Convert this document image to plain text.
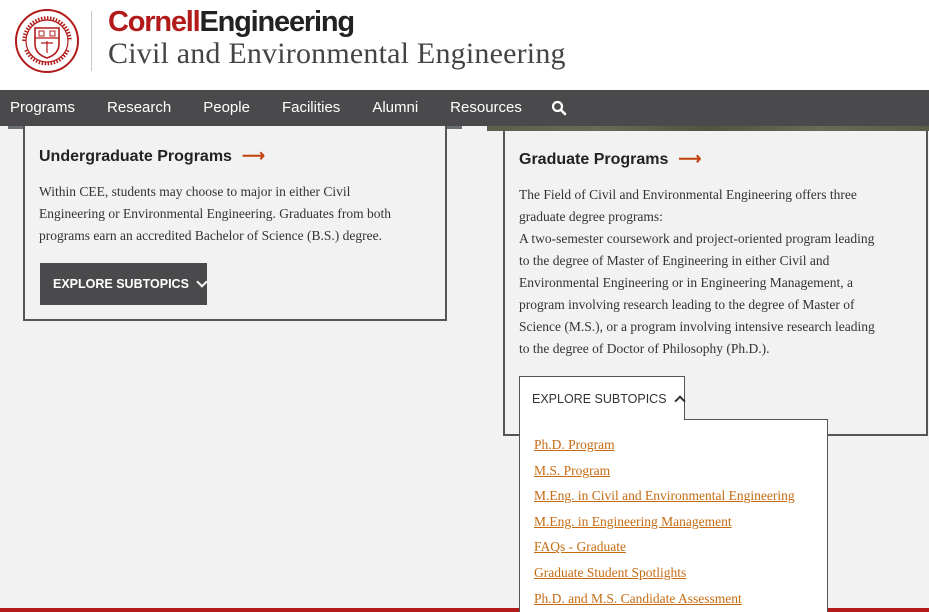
CornellEngineering
Civil and Environmental Engineering
Programs	Research	People	Facilities	Alumni	Resources
Undergraduate Programs ⟶
Within CEE, students may choose to major in either Civil
Engineering or Environmental Engineering. Graduates from both
programs earn an accredited Bachelor of Science (B.S.) degree.
EXPLORE SUBTOPICS
Graduate Programs ⟶
The Field of Civil and Environmental Engineering offers three
graduate degree programs:
A two-semester coursework and project-oriented program leading
to the degree of Master of Engineering in either Civil and
Environmental Engineering or in Engineering Management, a
program involving research leading to the degree of Master of
Science (M.S.), or a program involving intensive research leading
to the degree of Doctor of Philosophy (Ph.D.).
EXPLORE SUBTOPICS
Ph.D. Program
M.S. Program
M.Eng. in Civil and Environmental Engineering
M.Eng. in Engineering Management
FAQs - Graduate
Graduate Student Spotlights
Ph.D. and M.S. Candidate Assessment
